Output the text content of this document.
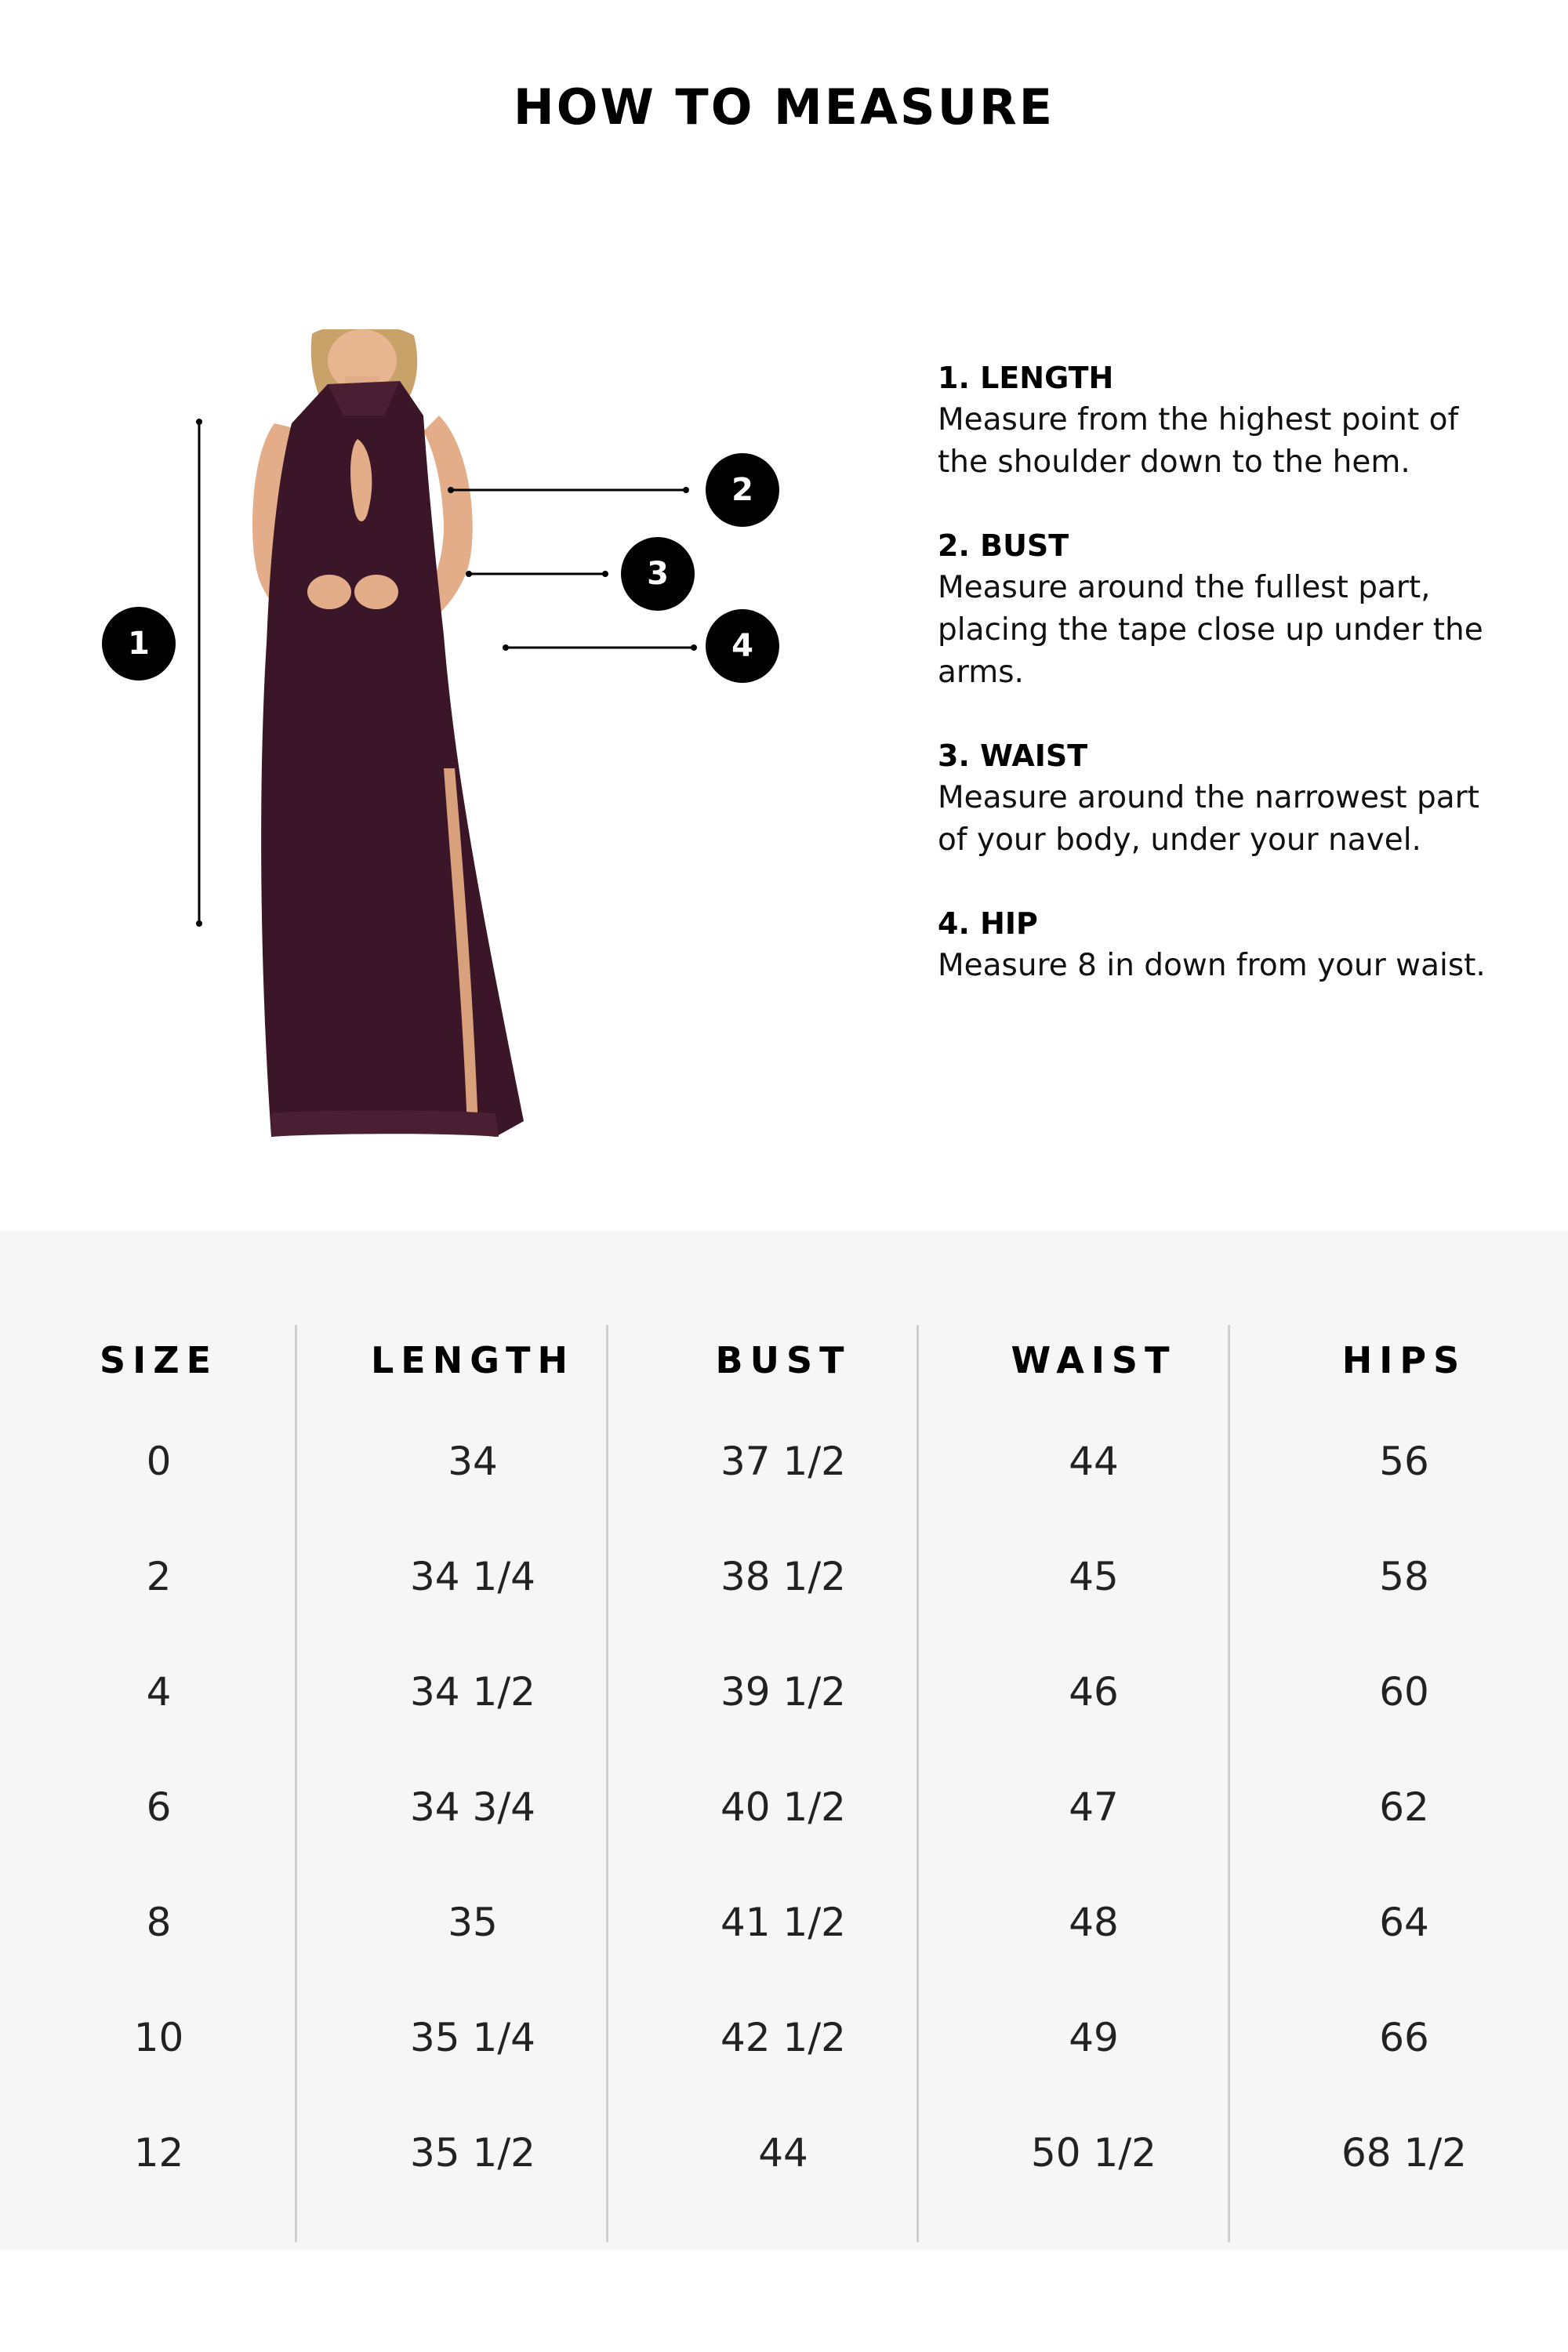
HOW TO MEASURE
1
2
3
4
1. LENGTH
Measure from the highest point of the shoulder down to the hem.
2. BUST
Measure around the fullest part, placing the tape close up under the arms.
3. WAIST
Measure around the narrowest part of your body, under your navel.
4. HIP
Measure 8 in down from your waist.
SIZE	LENGTH	BUST	WAIST	HIPS
0	34	37 1/2	44	56
2	34 1/4	38 1/2	45	58
4	34 1/2	39 1/2	46	60
6	34 3/4	40 1/2	47	62
8	35	41 1/2	48	64
10	35 1/4	42 1/2	49	66
12	35 1/2	44	50 1/2	68 1/2
